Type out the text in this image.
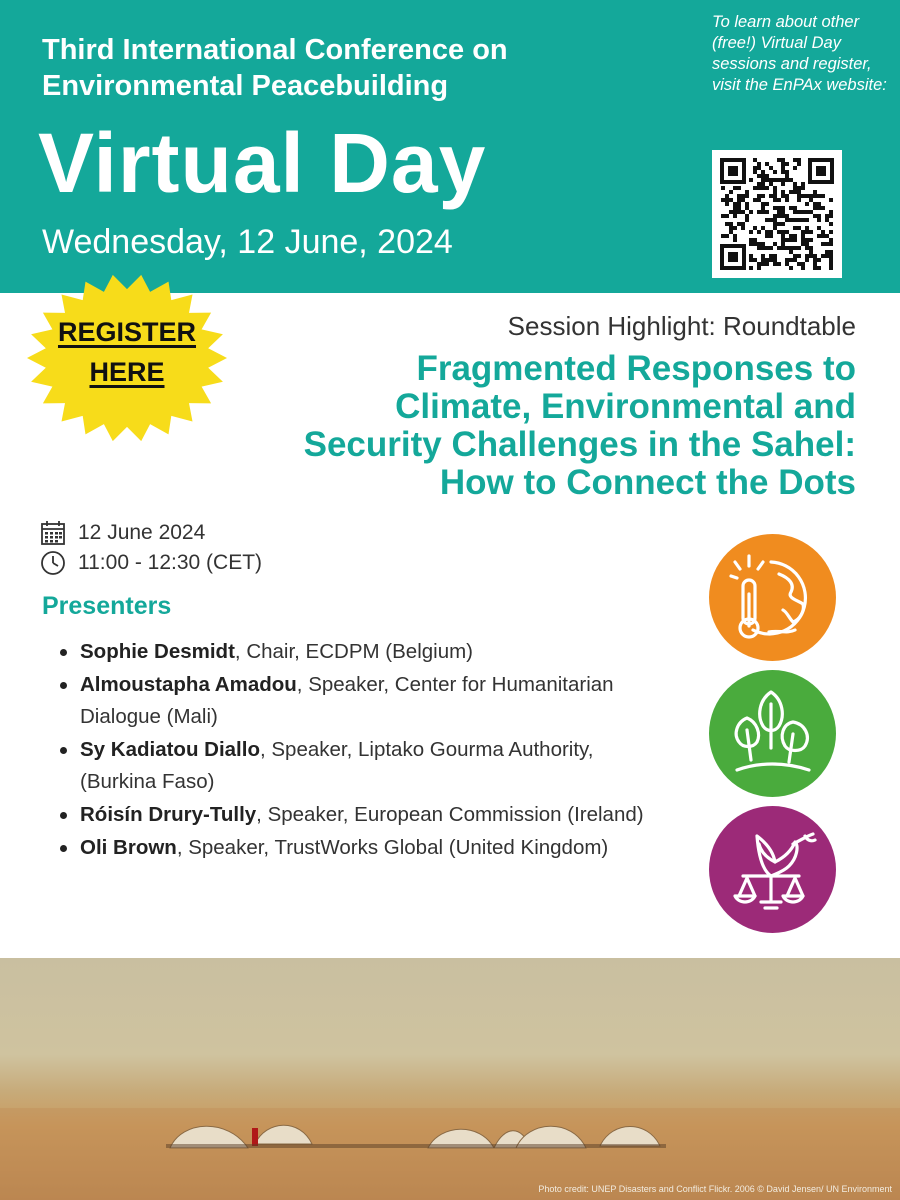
Third International Conference on
Environmental Peacebuilding
Virtual Day
Wednesday, 12 June, 2024
To learn about other (free!) Virtual Day sessions and register, visit the EnPAx website:
REGISTER
HERE
Session Highlight: Roundtable
Fragmented Responses to
Climate, Environmental and
Security Challenges in the Sahel:
How to Connect the Dots
12 June 2024
11:00 - 12:30 (CET)
Presenters
Sophie Desmidt, Chair, ECDPM (Belgium)
Almoustapha Amadou, Speaker, Center for Humanitarian Dialogue (Mali)
Sy Kadiatou Diallo, Speaker, Liptako Gourma Authority, (Burkina Faso)
Róisín Drury-Tully, Speaker, European Commission (Ireland)
Oli Brown, Speaker, TrustWorks Global (United Kingdom)
Photo credit: UNEP Disasters and Conflict Flickr. 2006 © David Jensen/ UN Environment
